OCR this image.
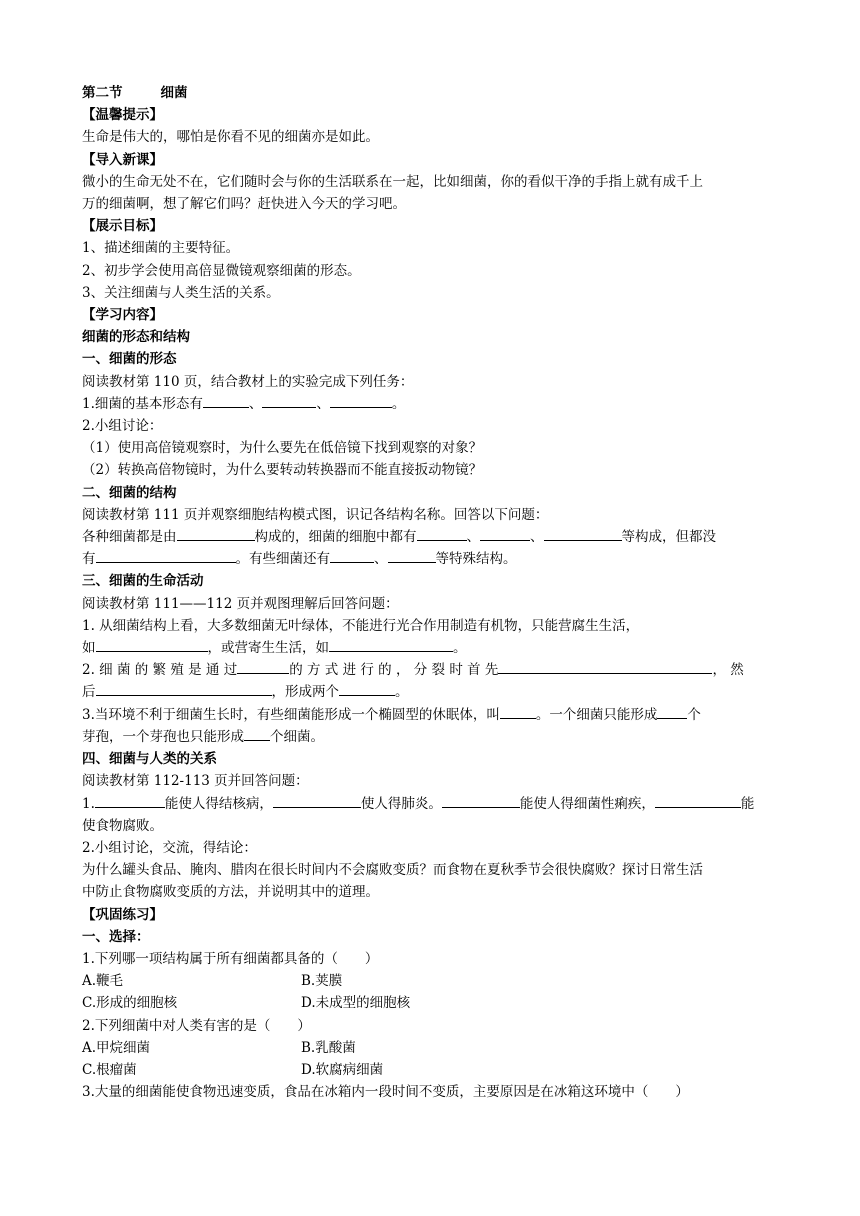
第二节	细菌
【温馨提示】
生命是伟大的，哪怕是你看不见的细菌亦是如此。
【导入新课】
微小的生命无处不在，它们随时会与你的生活联系在一起，比如细菌，你的看似干净的手指上就有成千上
万的细菌啊，想了解它们吗？赶快进入今天的学习吧。
【展示目标】
1、描述细菌的主要特征。
2、初步学会使用高倍显微镜观察细菌的形态。
3、关注细菌与人类生活的关系。
【学习内容】
细菌的形态和结构
一、细菌的形态
阅读教材第 110 页，结合教材上的实验完成下列任务：
1.细菌的基本形态有	、	、	。
2.小组讨论：
（1）使用高倍镜观察时，为什么要先在低倍镜下找到观察的对象？
（2）转换高倍物镜时，为什么要转动转换器而不能直接扳动物镜？
二、细菌的结构
阅读教材第 111 页并观察细胞结构模式图，识记各结构名称。回答以下问题：
各种细菌都是由	构成的，细菌的细胞中都有	、	、	等构成，但都没
有	。有些细菌还有	、	等特殊结构。
三、细菌的生命活动
阅读教材第 111——112 页并观图理解后回答问题：
1. 从细菌结构上看，大多数细菌无叶绿体，不能进行光合作用制造有机物，只能营腐生生活，
如	，或营寄生生活，如	。
2. 细 菌 的 繁 殖 是 通 过	的 方 式 进 行 的 ， 分 裂 时 首 先	， 然
后	，形成两个	。
3.当环境不利于细菌生长时，有些细菌能形成一个椭圆型的休眠体，叫	。一个细菌只能形成 个
芽孢，一个芽孢也只能形成 个细菌。
四、细菌与人类的关系
阅读教材第 112-113 页并回答问题：
1.	能使人得结核病，	使人得肺炎。	能使人得细菌性痢疾，	能
使食物腐败。
2.小组讨论，交流，得结论：
为什么罐头食品、腌肉、腊肉在很长时间内不会腐败变质？而食物在夏秋季节会很快腐败？探讨日常生活
中防止食物腐败变质的方法，并说明其中的道理。
【巩固练习】
一、选择：
1.下列哪一项结构属于所有细菌都具备的（　　）
A.鞭毛	B.荚膜
C.形成的细胞核	D.未成型的细胞核
2.下列细菌中对人类有害的是（　　）
A.甲烷细菌	B.乳酸菌
C.根瘤菌	D.软腐病细菌
3.大量的细菌能使食物迅速变质，食品在冰箱内一段时间不变质，主要原因是在冰箱这环境中（　　）
